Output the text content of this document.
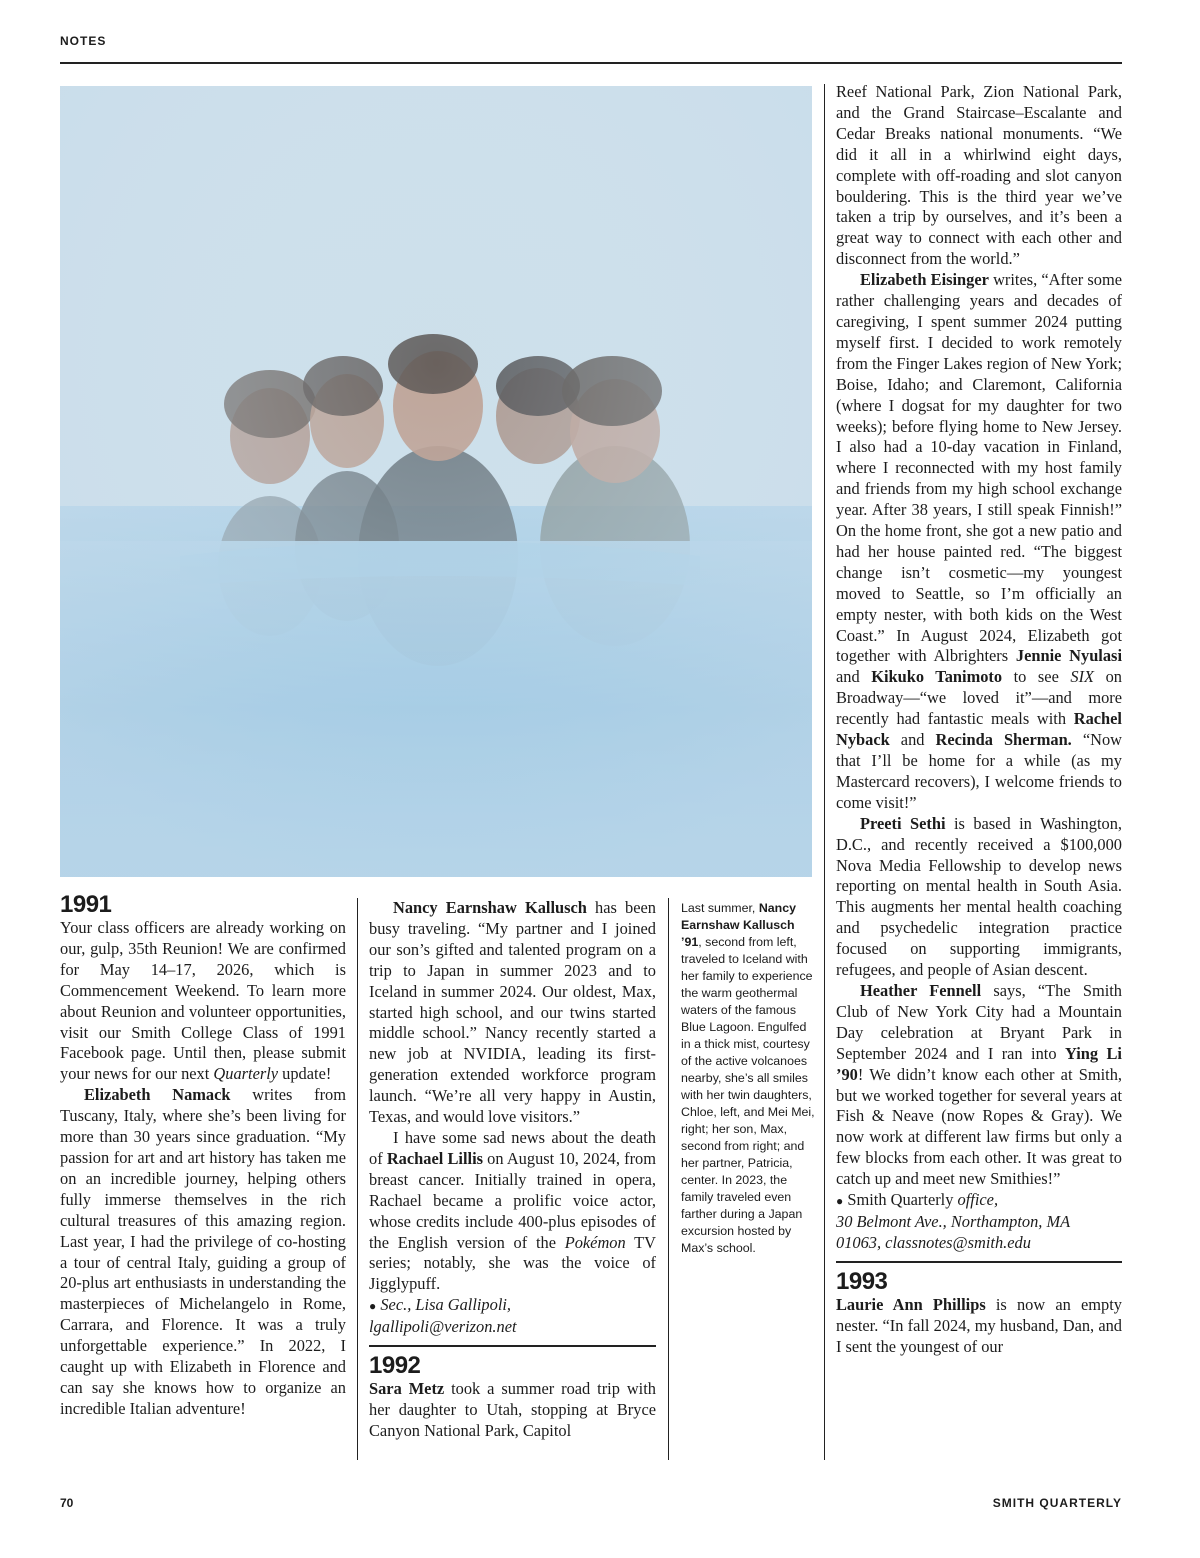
NOTES

1991

Your class officers are already working on our, gulp, 35th Reunion! We are confirmed for May 14–17, 2026, which is Commencement Weekend. To learn more about Reunion and volunteer opportunities, visit our Smith College Class of 1991 Facebook page. Until then, please submit your news for our next Quarterly update!

Elizabeth Namack writes from Tuscany, Italy, where she’s been living for more than 30 years since graduation. “My passion for art and art history has taken me on an incredible journey, helping others fully immerse themselves in the rich cultural treasures of this amazing region. Last year, I had the privilege of co-hosting a tour of central Italy, guiding a group of 20-plus art enthusiasts in understanding the masterpieces of Michelangelo in Rome, Carrara, and Florence. It was a truly unforgettable experience.” In 2022, I caught up with Elizabeth in Florence and can say she knows how to organize an incredible Italian adventure!

Nancy Earnshaw Kallusch has been busy traveling. “My partner and I joined our son’s gifted and talented program on a trip to Japan in summer 2023 and to Iceland in summer 2024. Our oldest, Max, started high school, and our twins started middle school.” Nancy recently started a new job at NVIDIA, leading its first-generation extended workforce program launch. “We’re all very happy in Austin, Texas, and would love visitors.”

I have some sad news about the death of Rachael Lillis on August 10, 2024, from breast cancer. Initially trained in opera, Rachael became a prolific voice actor, whose credits include 400-plus episodes of the English version of the Pokémon TV series; notably, she was the voice of Jigglypuff.

● Sec., Lisa Gallipoli,
lgallipoli@verizon.net

1992

Sara Metz took a summer road trip with her daughter to Utah, stopping at Bryce Canyon National Park, Capitol

Last summer, Nancy Earnshaw Kallusch ’91, second from left, traveled to Iceland with her family to experience the warm geothermal waters of the famous Blue Lagoon. Engulfed in a thick mist, courtesy of the active volcanoes nearby, she’s all smiles with her twin daughters, Chloe, left, and Mei Mei, right; her son, Max, second from right; and her partner, Patricia, center. In 2023, the family traveled even farther during a Japan excursion hosted by Max’s school.

Reef National Park, Zion National Park, and the Grand Staircase–Escalante and Cedar Breaks national monuments. “We did it all in a whirlwind eight days, complete with off-roading and slot canyon bouldering. This is the third year we’ve taken a trip by ourselves, and it’s been a great way to connect with each other and disconnect from the world.”

Elizabeth Eisinger writes, “After some rather challenging years and decades of caregiving, I spent summer 2024 putting myself first. I decided to work remotely from the Finger Lakes region of New York; Boise, Idaho; and Claremont, California (where I dogsat for my daughter for two weeks); before flying home to New Jersey. I also had a 10-day vacation in Finland, where I reconnected with my host family and friends from my high school exchange year. After 38 years, I still speak Finnish!” On the home front, she got a new patio and had her house painted red. “The biggest change isn’t cosmetic—my youngest moved to Seattle, so I’m officially an empty nester, with both kids on the West Coast.” In August 2024, Elizabeth got together with Albrighters Jennie Nyulasi and Kikuko Tanimoto to see SIX on Broadway—“we loved it”—and more recently had fantastic meals with Rachel Nyback and Recinda Sherman. “Now that I’ll be home for a while (as my Mastercard recovers), I welcome friends to come visit!”

Preeti Sethi is based in Washington, D.C., and recently received a $100,000 Nova Media Fellowship to develop news reporting on mental health in South Asia. This augments her mental health coaching and psychedelic integration practice focused on supporting immigrants, refugees, and people of Asian descent.

Heather Fennell says, “The Smith Club of New York City had a Mountain Day celebration at Bryant Park in September 2024 and I ran into Ying Li ’90! We didn’t know each other at Smith, but we worked together for several years at Fish & Neave (now Ropes & Gray). We now work at different law firms but only a few blocks from each other. It was great to catch up and meet new Smithies!”

● Smith Quarterly office,
30 Belmont Ave., Northampton, MA
01063, classnotes@smith.edu

1993

Laurie Ann Phillips is now an empty nester. “In fall 2024, my husband, Dan, and I sent the youngest of our

70	SMITH QUARTERLY
